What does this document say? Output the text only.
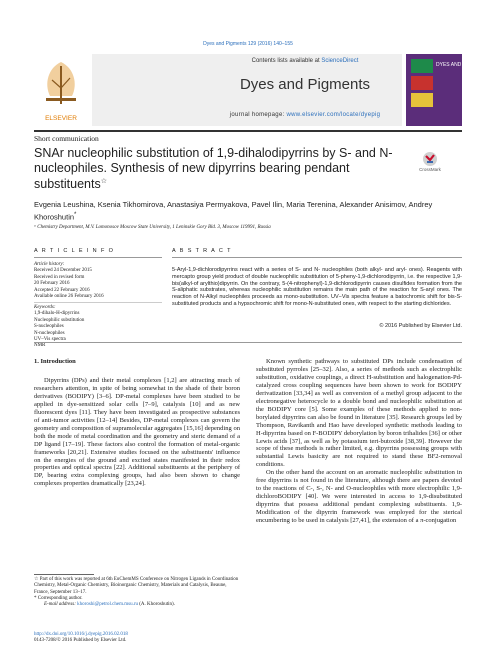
Dyes and Pigments 129 (2016) 140–155
ELSEVIER
Contents lists available at ScienceDirect
Dyes and Pigments
journal homepage: www.elsevier.com/locate/dyepig
DYES AND PIGMENTS
Short communication
SNAr nucleophilic substitution of 1,9-dihalodipyrrins by S- and N-nucleophiles. Synthesis of new dipyrrins bearing pendant substituents☆
CrossMark
Evgenia Leushina, Ksenia Tikhomirova, Anastasiya Permyakova, Pavel Ilin, Maria Terenina, Alexander Anisimov, Andrey Khoroshutin*
ᵃ Chemistry Department, M.V. Lomonosov Moscow State University, 1 Leninskie Gory Bld. 3, Moscow 119991, Russia
A R T I C L E I N F O
Article history:
Received 24 December 2015
Received in revised form
20 February 2016
Accepted 22 February 2016
Available online 26 February 2016
Keywords:
1,9-dihalo-H-dipyrrins
Nucleophilic substitution
S-nucleophiles
N-nucleophiles
UV–Vis spectra
NMR
A B S T R A C T
5-Aryl-1,9-dichlorodipyrrins react with a series of S- and N- nucleophiles (both alkyl- and aryl- ones). Reagents with mercapto group yield product of double nucleophilic substitution of 5-pheny-1,9-dichlorodipyrrin, i.e. the respective 1,9-bis(alkyl-of arylthio)dipyrrin. On the contrary, 5-(4-nitrophenyl)-1,9-dichlorodipyrrin causes disulfides formation from the S-aliphatic substrates, whereas nucleophilic substitution remains the main path of the reaction for S-aryl ones. The reaction of N-Alkyl nucleophiles proceeds as mono-substitution. UV−Vis spectra feature a batochromic shift for bis-S-substituted products and a hypsochromic shift for mono-N-substituted ones, with respect to the starting dichlorides.
© 2016 Published by Elsevier Ltd.
1. Introduction

Dipyrrins (DPs) and their metal complexes [1,2] are attracting much of researchers attention, in spite of being somewhat in the shade of their boron derivatives (BODIPY) [3–6]. DP-metal complexes have been studied to be applied in dye-sensitized solar cells [7–9], catalysis [10] and as new fluorescent dyes [11]. They have been investigated as prospective substances of anti-tumor activities [12–14] Besides, DP-metal complexes can govern the geometry and composition of supramolecular aggregates [15,16] depending on both the mode of metal coordination and the geometry and steric demand of a DP ligand [17–19]. These factors also control the formation of metal-organic frameworks [20,21]. Extensive studies focused on the substituents' influence on the energies of the ground and excited states manifested in their redox properties and optical spectra [22]. Additional substituents at the periphery of DP, bearing extra complexing groups, had also been shown to change complexes properties dramatically [23,24].

Known synthetic pathways to substituted DPs include condensation of substituted pyrroles [25–32]. Also, a series of methods such as electrophilic substitution, oxidative couplings, a direct H-substitution and halogenation-Pd-catalyzed cross coupling sequences have been shown to work for BODIPY derivatization [33,34] as well as conversion of a methyl group adjacent to the electronegative heterocycle to a double bond and nucleophilic substitution at the BODIPY core [5]. Some examples of these methods applied to non-borylated dipyrrins can also be found in literature [35]. Research groups led by Thompson, Ravikanth and Hao have developed synthetic methods leading to H-dipyrrins based on F-BODIPY deborylation by boron trihalides [36] or other Lewis acids [37], as well as by potassium tert-butoxide [38,39]. However the scope of these methods is rather limited, e.g. dipyrrins possessing groups with substantial Lewis basicity are not required to stand these BF2-removal conditions.

On the other hand the account on an aromatic nucleophilic substitution in free dipyrrins is not found in the literature, although there are papers devoted to the reactions of C-, S-, N- and O-nucleophiles with more electrophilic 1,9-dichloroBODIPY [40]. We were interested in access to 1,9-disubstituted dipyrrins that possess additional pendant complexing substituents. 1,9-Modification of the dipyrrin framework was employed for the sterical encumbering to be used in catalysis [27,41], the extension of a π-conjugation

☆ Part of this work was reported at 6th EuChemMS Conference on Nitrogen Ligands in Coordination Chemistry, Metal-Organic Chemistry, Bioinorganic Chemistry, Materials and Catalysis, Beaune, France, September 13–17.
* Corresponding author.
E-mail address: khoroshi@petrol.chem.msu.ru (A. Khoroshutin).
http://dx.doi.org/10.1016/j.dyepig.2016.02.018
0143-7208/© 2016 Published by Elsevier Ltd.
